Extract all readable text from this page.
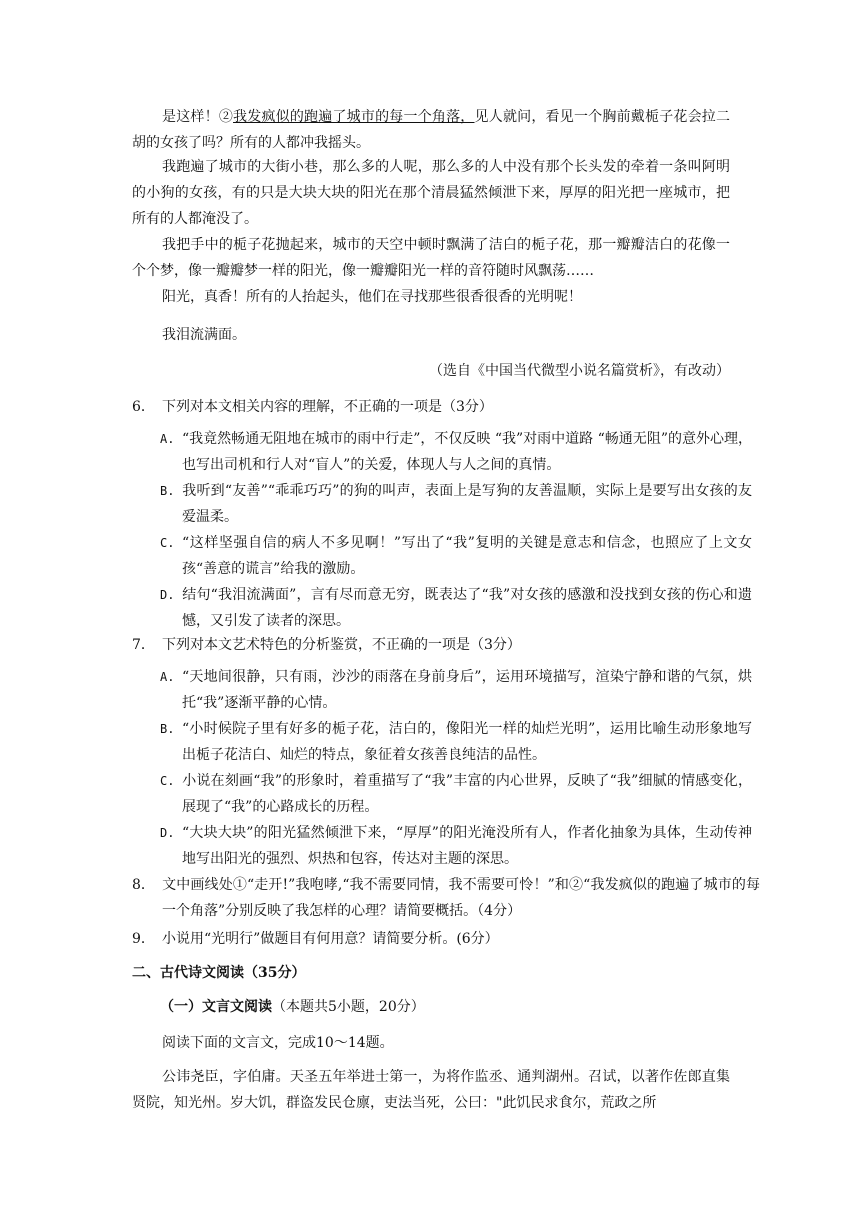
是这样！②我发疯似的跑遍了城市的每一个角落，见人就问，看见一个胸前戴栀子花会拉二胡的女孩了吗？所有的人都冲我摇头。

我跑遍了城市的大街小巷，那么多的人呢，那么多的人中没有那个长头发的牵着一条叫阿明的小狗的女孩，有的只是大块大块的阳光在那个清晨猛然倾泄下来，厚厚的阳光把一座城市，把所有的人都淹没了。

我把手中的栀子花抛起来，城市的天空中顿时飘满了洁白的栀子花，那一瓣瓣洁白的花像一个个梦，像一瓣瓣梦一样的阳光，像一瓣瓣阳光一样的音符随时风飘荡……

阳光，真香！所有的人抬起头，他们在寻找那些很香很香的光明呢！

我泪流满面。

（选自《中国当代微型小说名篇赏析》，有改动）

6． 下列对本文相关内容的理解，不正确的一项是（3分）

A. “我竟然畅通无阻地在城市的雨中行走”，不仅反映 “我”对雨中道路 “畅通无阻”的意外心理，也写出司机和行人对“盲人”的关爱，体现人与人之间的真情。

B. 我听到“友善”“乖乖巧巧”的狗的叫声，表面上是写狗的友善温顺，实际上是要写出女孩的友爱温柔。

C. “这样坚强自信的病人不多见啊！”写出了“我”复明的关键是意志和信念，也照应了上文女孩“善意的谎言”给我的激励。

D. 结句“我泪流满面”，言有尽而意无穷，既表达了“我”对女孩的感激和没找到女孩的伤心和遗憾，又引发了读者的深思。

7． 下列对本文艺术特色的分析鉴赏，不正确的一项是（3分）

A. “天地间很静，只有雨，沙沙的雨落在身前身后”，运用环境描写，渲染宁静和谐的气氛，烘托“我”逐渐平静的心情。

B. “小时候院子里有好多的栀子花，洁白的，像阳光一样的灿烂光明”，运用比喻生动形象地写出栀子花洁白、灿烂的特点，象征着女孩善良纯洁的品性。

C. 小说在刻画“我”的形象时，着重描写了“我”丰富的内心世界，反映了“我”细腻的情感变化，展现了“我”的心路成长的历程。

D. “大块大块”的阳光猛然倾泄下来，“厚厚”的阳光淹没所有人，作者化抽象为具体，生动传神地写出阳光的强烈、炽热和包容，传达对主题的深思。

8． 文中画线处①“走开!”我咆哮,“我不需要同情，我不需要可怜！”和②“我发疯似的跑遍了城市的每一个角落”分别反映了我怎样的心理？请简要概括。（4分）

9． 小说用“光明行”做题目有何用意？请简要分析。(6分）

二、古代诗文阅读（35分）
（一）文言文阅读（本题共5小题，20分）

阅读下面的文言文，完成10～14题。

公讳尧臣，字伯庸。天圣五年举进士第一，为将作监丞、通判湖州。召试，以著作佐郎直集贤院，知光州。岁大饥，群盗发民仓廪，吏法当死，公曰："此饥民求食尔，荒政之所
